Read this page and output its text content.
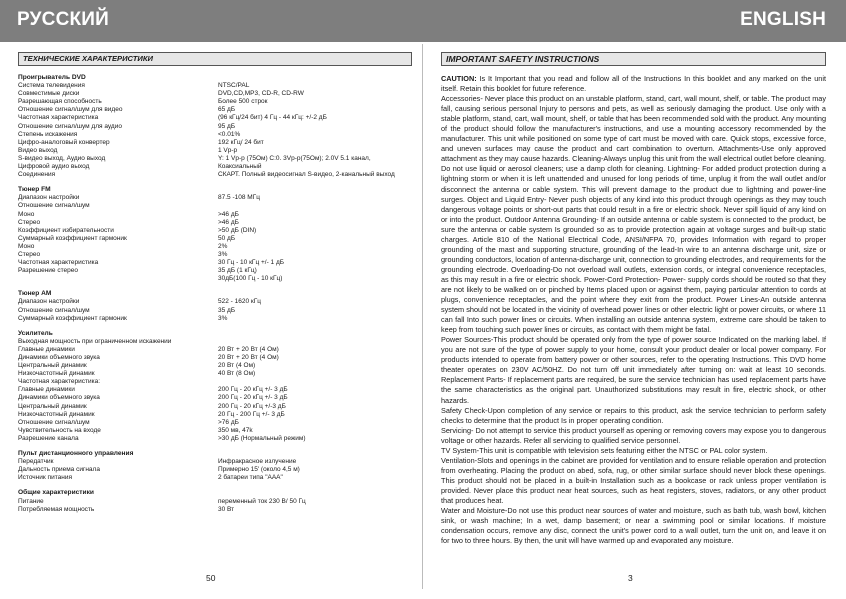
РУССКИЙ	ENGLISH
ТЕХНИЧЕСКИЕ ХАРАКТЕРИСТИКИ
Проигрыватель DVD
Система телевидения	NTSC/PAL
Совместимые диски	DVD,CD,MP3, CD-R, CD-RW
Разрешающая способность	Более 500 строк
Отношение сигнал/шум для видео	65 дБ
Частотная характеристика	(96 кГц/24 бит) 4 Гц - 44 кГц: +/-2 дБ
Отношение сигнал/шум для аудио	95 дБ
Степень искажения	<0.01%
Цифро-аналоговый конвертер	192 кГц/ 24 бит
Видео выход	1 Vp-p
S-видео выход, Аудио выход	Y: 1 Vp-p (75Ом) C:0. 3Vp-p(75Ом); 2.0V 5.1 канал,
Цифровой аудио выход	Коаксиальный
Соединения	СКАРТ. Полный видеосигнал S-видео, 2-канальный выход
Тюнер FM
Диапазон настройки	87.5 -108 МГц
Отношение сигнал/шум
Моно	>46 дБ
Стерео	>46 дБ
Коэффициент избирательности	>50 дБ (DIN)
Суммарный коэффициент гармоник	50 дБ
Моно	2%
Стерео	3%
Частотная характеристика	30 Гц - 10 кГц +/- 1 дБ
Разрешение стерео	35 дБ (1 кГц)
30дБ(100 Гц - 10 кГц)
Тюнер AM
Диапазон настройки	522 - 1620 кГц
Отношение сигнал/шум	35 дБ
Суммарный коэффициент гармоник	3%
Усилитель
Выходная мощность при ограниченном искажении
Главные динамики	20 Вт + 20 Вт (4 Ом)
Динамики объемного звука	20 Вт + 20 Вт (4 Ом)
Центральный динамик	20 Вт (4 Ом)
Низкочастотный динамик	40 Вт (8 Ом)
Частотная характеристика:
Главные динамики	200 Гц - 20 кГц +/- 3 дБ
Динамики объемного звука	200 Гц - 20 кГц +/- 3 дБ
Центральный динамик	200 Гц - 20 кГц +/-3 дБ
Низкочастотный динамик	20 Гц - 200 Гц +/- 3 дБ
Отношение сигнал/шум	>76 дБ
Чувствительность на входе	350 мв, 47k
Разрешение канала	>30 дБ (Нормальный режим)
Пульт дистанционного управления
Передатчик	Инфракрасное излучение
Дальность приема сигнала	Примерно 15' (около 4,5 м)
Источник питания	2 батареи типа "AAA"
Общие характеристики
Питание	переменный ток 230 В/ 50 Гц
Потребляемая мощность	30 Вт
IMPORTANT SAFETY INSTRUCTIONS
CAUTION: Is It Important that you read and follow all of the Instructions In this booklet and any marked on the unit itself. Retain this booklet for future reference.
Accessories- Never place this product on an unstable platform, stand, cart, wall mount, shelf, or table. The product may fall, causing serious personal Injury to persons and pets, as well as seriously damaging the product. Use only with a stable platform, stand, cart, wall mount, shelf, or table that has been recommended sold with the product. Any mounting of the product should follow the manufacturer's instructions, and use a mounting accessory recommended by the manufacturer. This unit while positioned on some type of cart must be moved with care. Quick stops, excessive force, and uneven surfaces may cause the product and cart combination to overturn. Attachments-Use only approved attachment as they may cause hazards. Cleaning-Always unplug this unit from the wall electrical outlet before cleaning. Do not use liquid or aerosol cleaners; use a damp cloth for cleaning. Lightning- For added product protection during a lightning storm or when it is left unattended and unused for long periods of time, unplug it from the wall outlet and/or disconnect the antenna or cable system. This will prevent damage to the product due to lightning and power-line surges. Object and Liquid Entry- Never push objects of any kind into this product through openings as they may touch dangerous voltage points or short-out parts that could result in a fire or electric shock. Never spill liquid of any kind on or into the product. Outdoor Antenna Grounding- If an outside antenna or cable system is connected to the product, be sure the antenna or cable system Is grounded so as to provide protection again at voltage surges and built-up static charges. Article 810 of the National Electrical Code, ANSI/NFPA 70, provides Information with regard to proper grounding of the mast and supporting structure, grounding of the lead-In wire to an antenna discharge unit, size or grounding conductors, location of antenna-discharge unit, connection to grounding electrodes, and requirements for the grounding electrode. Overloading-Do not overload wall outlets, extension cords, or integral convenience receptacles, as this may result in a fire or electric shock. Power-Cord Protection- Power- supply cords should be routed so that they are not likely to be walked on or pinched by Items placed upon or against them, paying particular attention to cords at plugs, convenience receptacles, and the point where they exit from the product. Power Lines-An outside antenna system should not be located in the vicinity of overhead power lines or other electric light or power circuits, or where 11 can fall Into such power lines or circuits. When installing an outside antenna system, extreme care should be taken to keep from touching such power lines or circuits, as contact with them might be fatal.
Power Sources-This product should be operated only from the type of power source Indicated on the marking label. If you are not sure of the type of power supply to your home, consult your product dealer or local power company. For products intended to operate from battery power or other sources, refer to the operating Instructions. This DVD home theater operates on 230V AC/50HZ. Do not turn off unit immediately after turning on: wait at least 10 seconds. Replacement Parts- If replacement parts are required, be sure the service technician has used replacement parts have the same characteristics as the original part. Unauthorized substitutions may result in fire, electric shock, or other hazards.
Safety Check-Upon completion of any service or repairs to this product, ask the service technician to perform safety checks to determine that the product Is in proper operating condition.
Servicing- Do not attempt to service this product yourself as opening or removing covers may expose you to dangerous voltage or other hazards. Refer all servicing to qualified service personnel.
TV System-This unit is compatible with television sets featuring either the NTSC or PAL color system.
Ventilation-Slots and openings in the cabinet are provided for ventilation and to ensure reliable operation and protection from overheating. Placing the product on abed, sofa, rug, or other similar surface should never block these openings. This product should not be placed in a built-in Installation such as a bookcase or rack unless proper ventilation is provided. Never place this product near heat sources, such as heat registers, stoves, radiators, or any other product that produces heat.
Water and Moisture-Do not use this product near sources of water and moisture, such as bath tub, wash bowl, kitchen sink, or wash machine; In a wet, damp basement; or near a swimming pool or similar locations. If moisture condensation occurs, remove any disc, connect the unit's power cord to a wall outlet, turn the unit on, and leave it on for two to three hours. By then, the unit will have warmed up and evaporated any moisture.
50	3
